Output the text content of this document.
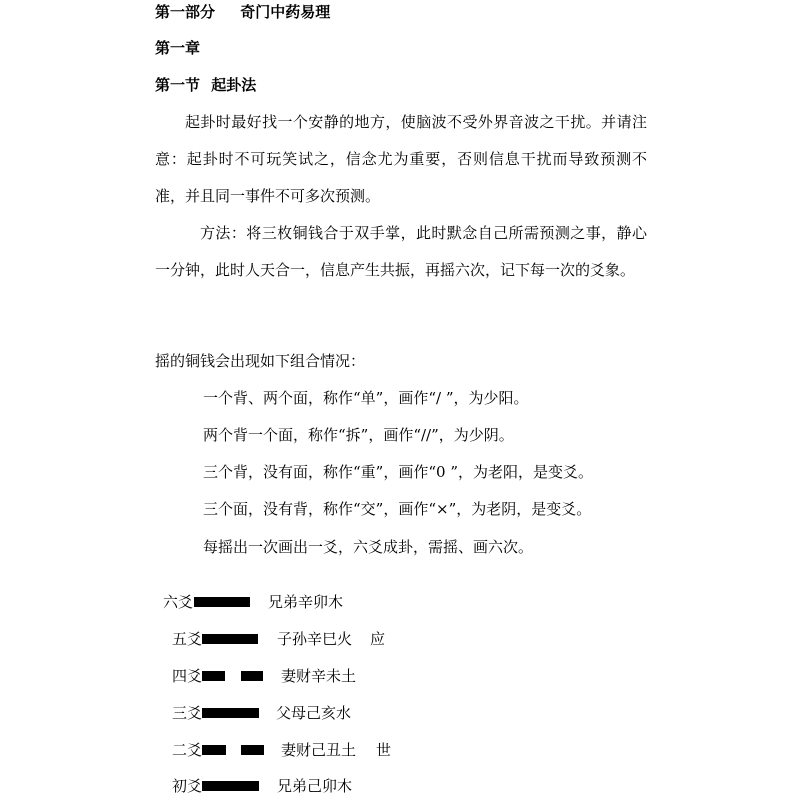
第一部分 奇门中药易理
第一章
第一节 起卦法
起卦时最好找一个安静的地方，使脑波不受外界音波之干扰。并请注意：起卦时不可玩笑试之，信念尤为重要，否则信息干扰而导致预测不准，并且同一事件不可多次预测。
方法：将三枚铜钱合于双手掌，此时默念自己所需预测之事，静心一分钟，此时人天合一，信息产生共振，再摇六次，记下每一次的爻象。
摇的铜钱会出现如下组合情况：
一个背、两个面，称作“单”，画作“/ ”，为少阳。
两个背一个面，称作“拆”，画作“//”，为少阴。
三个背，没有面，称作“重”，画作“0 ”，为老阳，是变爻。
三个面，没有背，称作“交”，画作“×”，为老阴，是变爻。
每摇出一次画出一爻，六爻成卦，需摇、画六次。
六爻	兄弟辛卯木
五爻	子孙辛巳火 应
四爻	妻财辛未土
三爻	父母己亥水
二爻	妻财己丑土 世
初爻	兄弟己卯木
